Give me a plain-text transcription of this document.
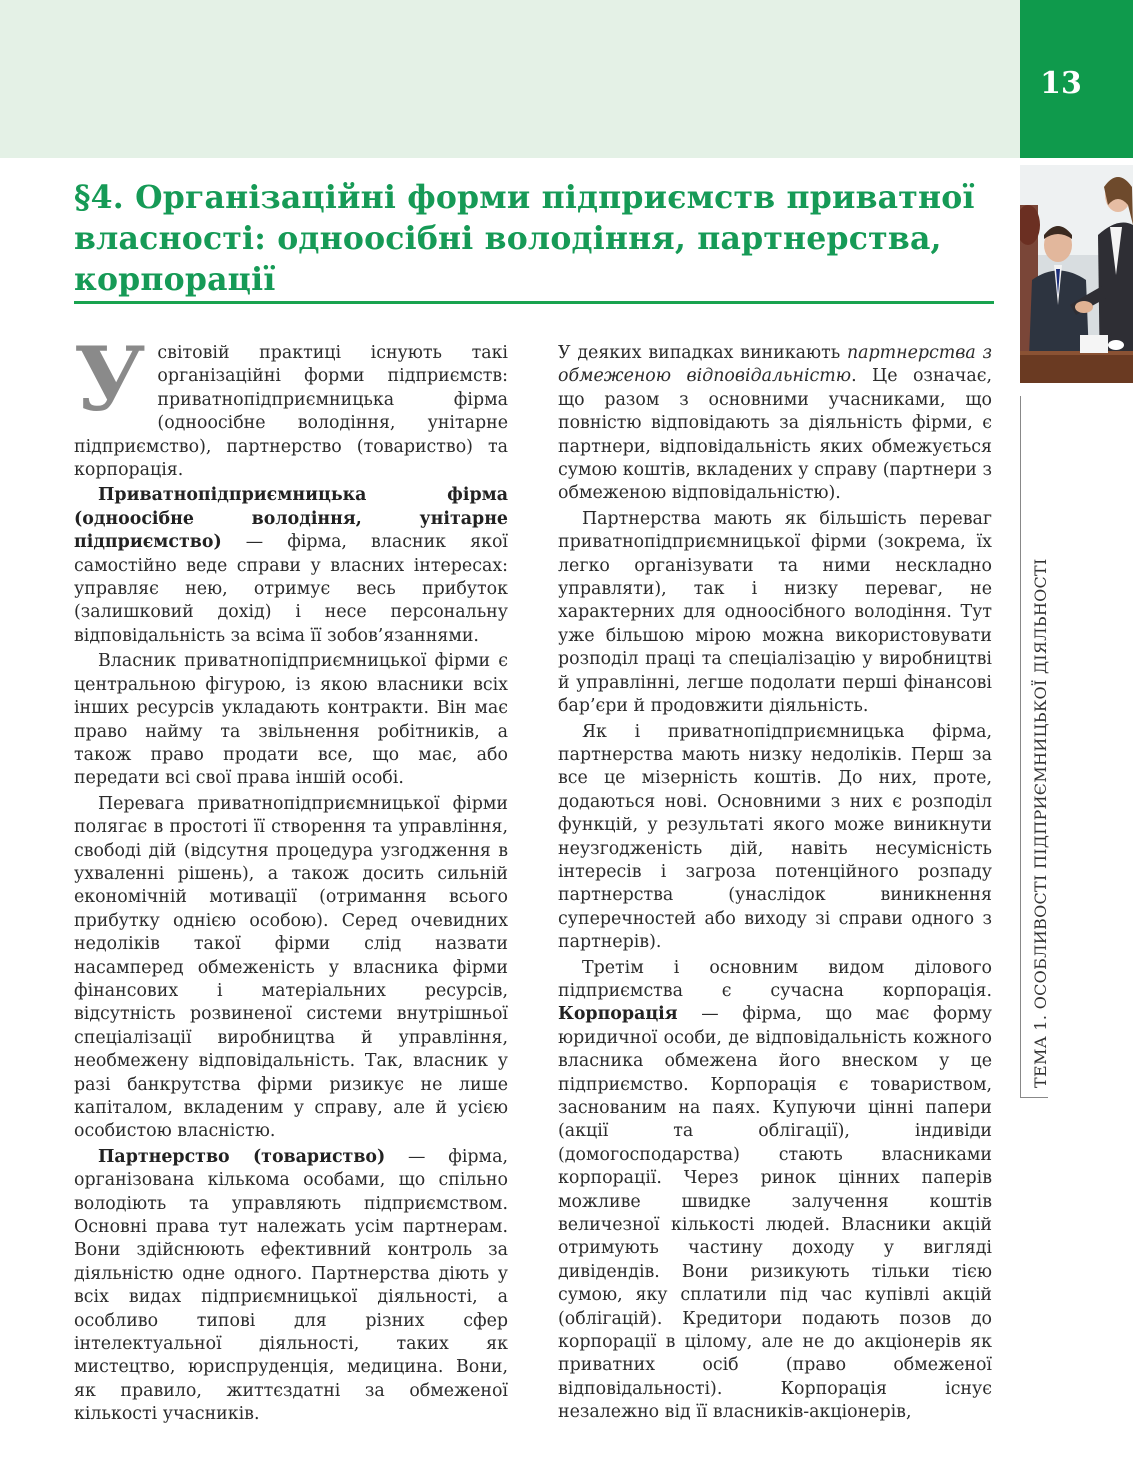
13
§4. Організаційні форми підприємств приватної власності: одноосібні володіння, партнерства, корпорації

У світовій практиці існують такі організаційні форми підприємств: приватнопідприємницька фірма (одноосібне володіння, унітарне підприємство), партнерство (товариство) та корпорація.

Приватнопідприємницька фірма (одноосібне володіння, унітарне підприємство) — фірма, власник якої самостійно веде справи у власних інтересах: управляє нею, отримує весь прибуток (залишковий дохід) і несе персональну відповідальність за всіма її зобов’язаннями.

Власник приватнопідприємницької фірми є центральною фігурою, із якою власники всіх інших ресурсів укладають контракти. Він має право найму та звільнення робітників, а також право продати все, що має, або передати всі свої права іншій особі.

Перевага приватнопідприємницької фірми полягає в простоті її створення та управління, свободі дій (відсутня процедура узгодження в ухваленні рішень), а також досить сильній економічній мотивації (отримання всього прибутку однією особою). Серед очевидних недоліків такої фірми слід назвати насамперед обмеженість у власника фірми фінансових і матеріальних ресурсів, відсутність розвиненої системи внутрішньої спеціалізації виробництва й управління, необмежену відповідальність. Так, власник у разі банкрутства фірми ризикує не лише капіталом, вкладеним у справу, але й усією особистою власністю.

Партнерство (товариство) — фірма, організована кількома особами, що спільно володіють та управляють підприємством. Основні права тут належать усім партнерам. Вони здійснюють ефективний контроль за діяльністю одне одного. Партнерства діють у всіх видах підприємницької діяльності, а особливо типові для різних сфер інтелектуальної діяльності, таких як мистецтво, юриспруденція, медицина. Вони, як правило, життєздатні за обмеженої кількості учасників.

У деяких випадках виникають партнерства з обмеженою відповідальністю. Це означає, що разом з основними учасниками, що повністю відповідають за діяльність фірми, є партнери, відповідальність яких обмежується сумою коштів, вкладених у справу (партнери з обмеженою відповідальністю).

Партнерства мають як більшість переваг приватнопідприємницької фірми (зокрема, їх легко організувати та ними нескладно управляти), так і низку переваг, не характерних для одноосібного володіння. Тут уже більшою мірою можна використовувати розподіл праці та спеціалізацію у виробництві й управлінні, легше подолати перші фінансові бар’єри й продовжити діяльність.

Як і приватнопідприємницька фірма, партнерства мають низку недоліків. Перш за все це мізерність коштів. До них, проте, додаються нові. Основними з них є розподіл функцій, у результаті якого може виникнути неузгодженість дій, навіть несумісність інтересів і загроза потенційного розпаду партнерства (унаслідок виникнення суперечностей або виходу зі справи одного з партнерів).

Третім і основним видом ділового підприємства є сучасна корпорація. Корпорація — фірма, що має форму юридичної особи, де відповідальність кожного власника обмежена його внеском у це підприємство. Корпорація є товариством, заснованим на паях. Купуючи цінні папери (акції та облігації), індивіди (домогосподарства) стають власниками корпорації. Через ринок цінних паперів можливе швидке залучення коштів величезної кількості людей. Власники акцій отримують частину доходу у вигляді дивідендів. Вони ризикують тільки тією сумою, яку сплатили під час купівлі акцій (облігацій). Кредитори подають позов до корпорації в цілому, але не до акціонерів як приватних осіб (право обмеженої відповідальності). Корпорація існує незалежно від її власників-акціонерів,

ТЕМА 1. ОСОБЛИВОСТІ ПІДПРИЄМНИЦЬКОЇ ДІЯЛЬНОСТІ
